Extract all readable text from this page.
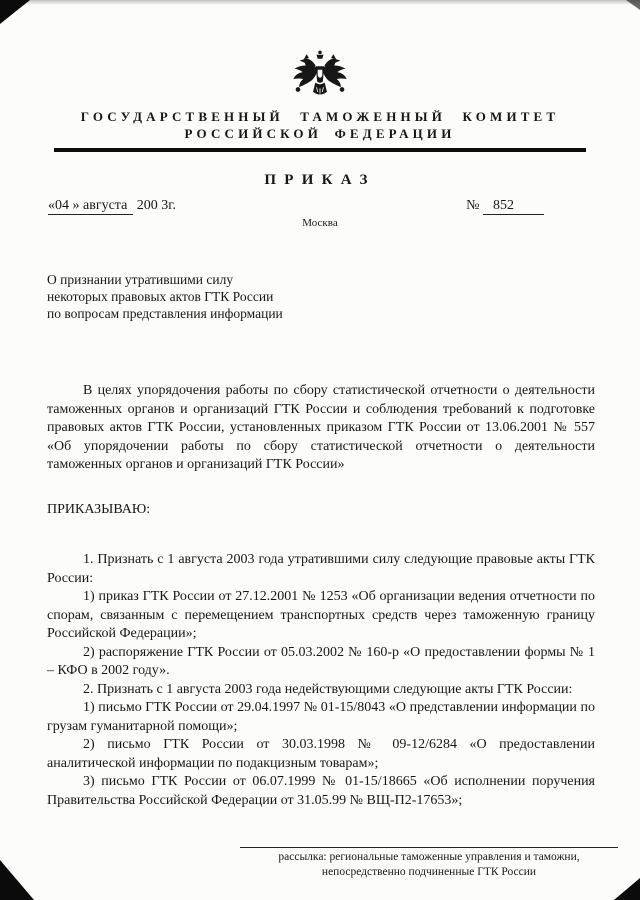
ГОСУДАРСТВЕННЫЙ ТАМОЖЕННЫЙ КОМИТЕТ
РОССИЙСКОЙ ФЕДЕРАЦИИ
ПРИКАЗ
«04 » августа 200 3г.	№ 852
Москва
О признании утратившими силу
некоторых правовых актов ГТК России
по вопросам представления информации

В целях упорядочения работы по сбору статистической отчетности о деятельности таможенных органов и организаций ГТК России и соблюдения требований к подготовке правовых актов ГТК России, установленных приказом ГТК России от 13.06.2001 № 557 «Об упорядочении работы по сбору статистической отчетности о деятельности таможенных органов и организаций ГТК России»

ПРИКАЗЫВАЮ:

1. Признать с 1 августа 2003 года утратившими силу следующие правовые акты ГТК России:

1) приказ ГТК России от 27.12.2001 № 1253 «Об организации ведения отчетности по спорам, связанным с перемещением транспортных средств через таможенную границу Российской Федерации»;

2) распоряжение ГТК России от 05.03.2002 № 160-р «О предоставлении формы № 1 – КФО в 2002 году».

2. Признать с 1 августа 2003 года недействующими следующие акты ГТК России:

1) письмо ГТК России от 29.04.1997 № 01-15/8043 «О представлении информации по грузам гуманитарной помощи»;

2) письмо ГТК России от 30.03.1998 № 09-12/6284 «О предоставлении аналитической информации по подакцизным товарам»;

3) письмо ГТК России от 06.07.1999 № 01-15/18665 «Об исполнении поручения Правительства Российской Федерации от 31.05.99 № ВЩ-П2-17653»;

рассылка: региональные таможенные управления и таможни,
непосредственно подчиненные ГТК России
